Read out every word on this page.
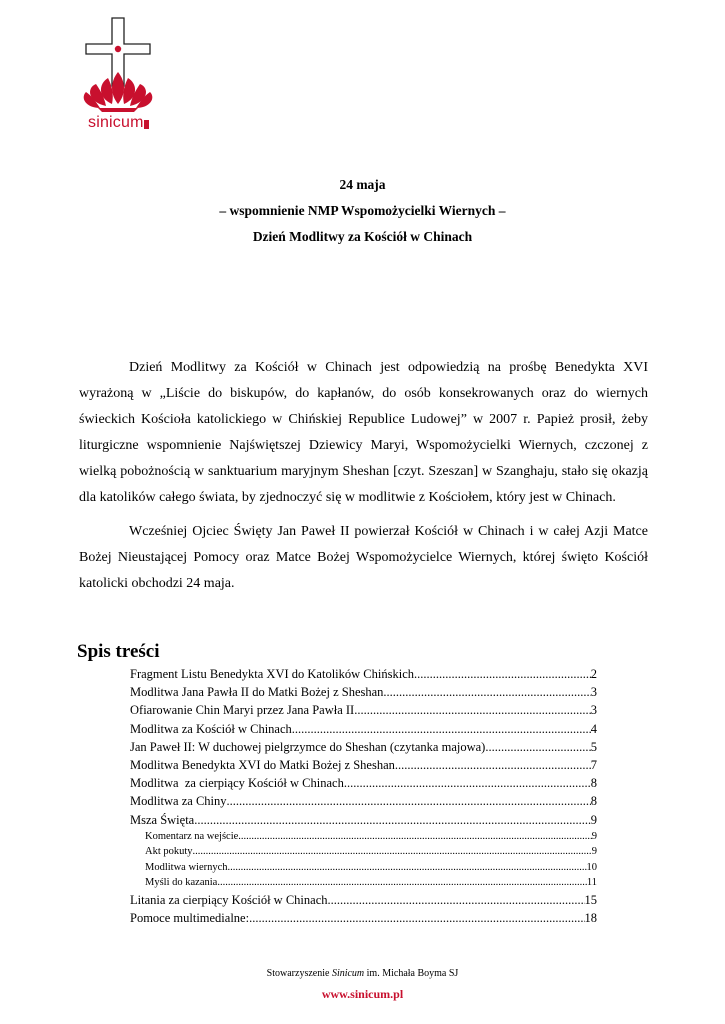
sinicum
24 maja
– wspomnienie NMP Wspomożycielki Wiernych –
Dzień Modlitwy za Kościół w Chinach

Dzień Modlitwy za Kościół w Chinach jest odpowiedzią na prośbę Benedykta XVI wyrażoną w „Liście do biskupów, do kapłanów, do osób konsekrowanych oraz do wiernych świeckich Kościoła katolickiego w Chińskiej Republice Ludowej” w 2007 r. Papież prosił, żeby liturgiczne wspomnienie Najświętszej Dziewicy Maryi, Wspomożycielki Wiernych, czczonej z wielką pobożnością w sanktuarium maryjnym Sheshan [czyt. Szeszan] w Szanghaju, stało się okazją dla katolików całego świata, by zjednoczyć się w modlitwie z Kościołem, który jest w Chinach.

Wcześniej Ojciec Święty Jan Paweł II powierzał Kościół w Chinach i w całej Azji Matce Bożej Nieustającej Pomocy oraz Matce Bożej Wspomożycielce Wiernych, której święto Kościół katolicki obchodzi 24 maja.

Spis treści
Fragment Listu Benedykta XVI do Katolików Chińskich .....	2
Modlitwa Jana Pawła II do Matki Bożej z Sheshan .....	3
Ofiarowanie Chin Maryi przez Jana Pawła II .....	3
Modlitwa za Kościół w Chinach .....	4
Jan Paweł II: W duchowej pielgrzymce do Sheshan (czytanka majowa) .....	5
Modlitwa Benedykta XVI do Matki Bożej z Sheshan .....	7
Modlitwa  za cierpiący Kościół w Chinach .....	8
Modlitwa za Chiny .....	8
Msza Święta .....	9
Komentarz na wejście .....	9
Akt pokuty .....	9
Modlitwa wiernych .....	10
Myśli do kazania .....	11
Litania za cierpiący Kościół w Chinach .....	15
Pomoce multimedialne: .....	18
Stowarzyszenie Sinicum im. Michała Boyma SJ
www.sinicum.pl
